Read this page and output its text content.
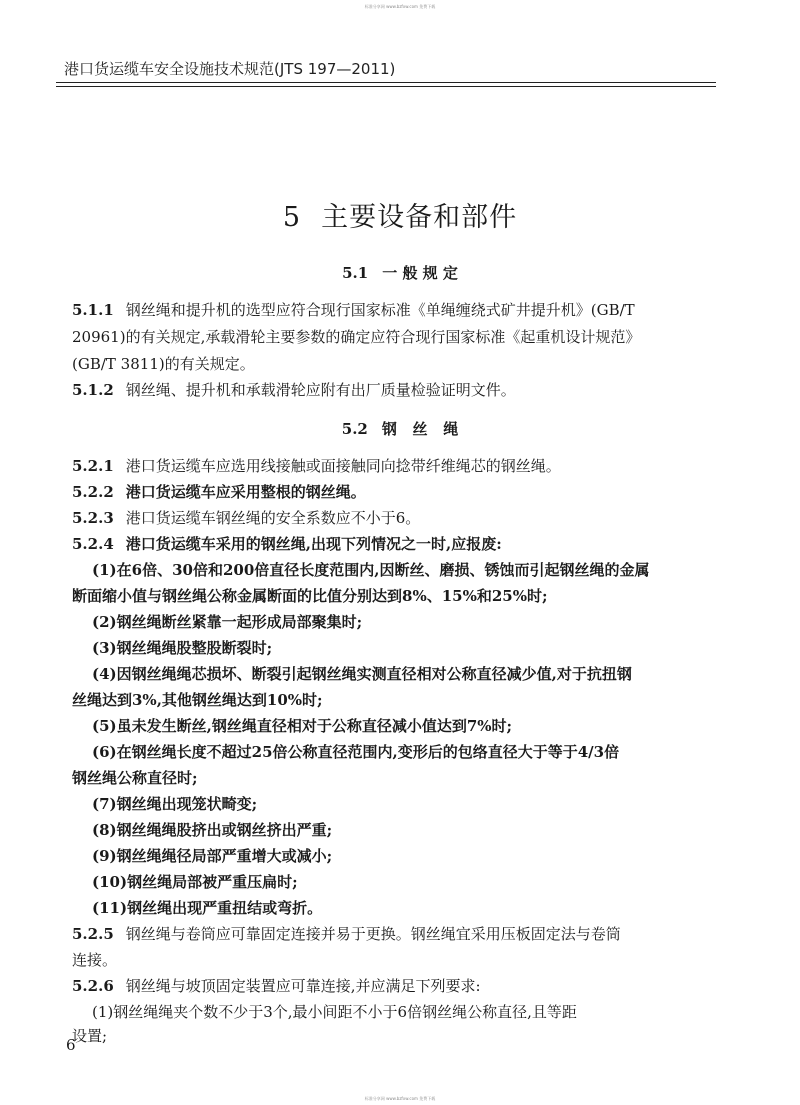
标准分享网 www.bzfxw.com 免费下载
港口货运缆车安全设施技术规范(JTS 197—2011)
5 主要设备和部件
5.1 一 般 规 定
5.1.1 钢丝绳和提升机的选型应符合现行国家标准《单绳缠绕式矿井提升机》(GB/T
20961)的有关规定,承载滑轮主要参数的确定应符合现行国家标准《起重机设计规范》
(GB/T 3811)的有关规定。
5.1.2 钢丝绳、提升机和承载滑轮应附有出厂质量检验证明文件。
5.2 钢   丝   绳
5.2.1 港口货运缆车应选用线接触或面接触同向捻带纤维绳芯的钢丝绳。
5.2.2 港口货运缆车应采用整根的钢丝绳。
5.2.3 港口货运缆车钢丝绳的安全系数应不小于6。
5.2.4 港口货运缆车采用的钢丝绳,出现下列情况之一时,应报废:
(1)在6倍、30倍和200倍直径长度范围内,因断丝、磨损、锈蚀而引起钢丝绳的金属
断面缩小值与钢丝绳公称金属断面的比值分别达到8%、15%和25%时;
(2)钢丝绳断丝紧靠一起形成局部聚集时;
(3)钢丝绳绳股整股断裂时;
(4)因钢丝绳绳芯损坏、断裂引起钢丝绳实测直径相对公称直径减少值,对于抗扭钢
丝绳达到3%,其他钢丝绳达到10%时;
(5)虽未发生断丝,钢丝绳直径相对于公称直径减小值达到7%时;
(6)在钢丝绳长度不超过25倍公称直径范围内,变形后的包络直径大于等于4/3倍
钢丝绳公称直径时;
(7)钢丝绳出现笼状畸变;
(8)钢丝绳绳股挤出或钢丝挤出严重;
(9)钢丝绳绳径局部严重增大或减小;
(10)钢丝绳局部被严重压扁时;
(11)钢丝绳出现严重扭结或弯折。
5.2.5 钢丝绳与卷筒应可靠固定连接并易于更换。钢丝绳宜采用压板固定法与卷筒
连接。
5.2.6 钢丝绳与坡顶固定装置应可靠连接,并应满足下列要求:
(1)钢丝绳绳夹个数不少于3个,最小间距不小于6倍钢丝绳公称直径,且等距
设置;
6
标准分享网 www.bzfxw.com 免费下载
